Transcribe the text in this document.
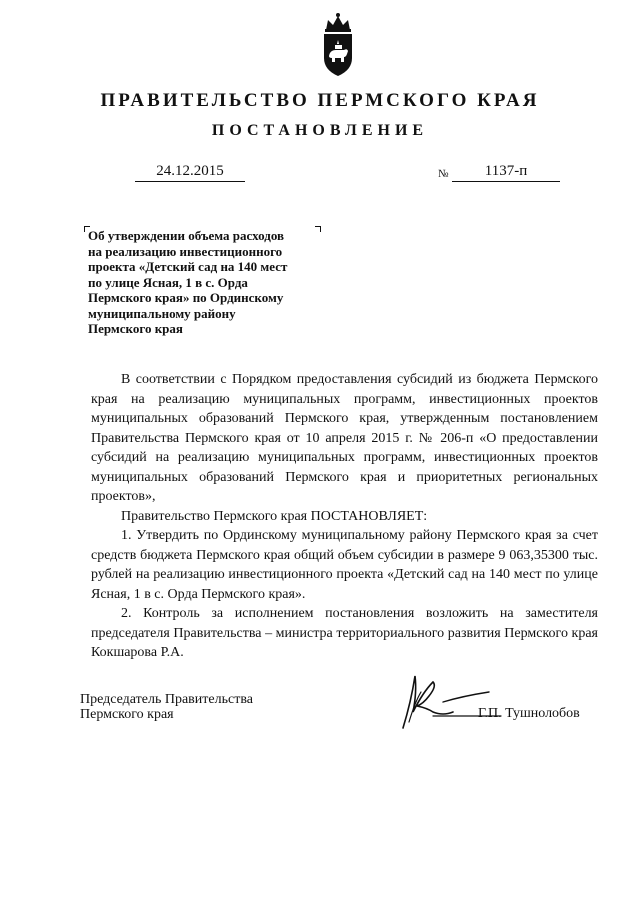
ПРАВИТЕЛЬСТВО ПЕРМСКОГО КРАЯ
ПОСТАНОВЛЕНИЕ
24.12.2015	№	1137-п
Об утверждении объема расходов
на реализацию инвестиционного
проекта «Детский сад на 140 мест
по улице Ясная, 1 в с. Орда
Пермского края» по Ординскому
муниципальному району
Пермского края

В соответствии с Порядком предоставления субсидий из бюджета Пермского края на реализацию муниципальных программ, инвестиционных проектов муниципальных образований Пермского края, утвержденным постановлением Правительства Пермского края от 10 апреля 2015 г. № 206-п «О предоставлении субсидий на реализацию муниципальных программ, инвестиционных проектов муниципальных образований Пермского края и приоритетных региональных проектов»,

Правительство Пермского края ПОСТАНОВЛЯЕТ:

1. Утвердить по Ординскому муниципальному району Пермского края за счет средств бюджета Пермского края общий объем субсидии в размере 9 063,35300 тыс. рублей на реализацию инвестиционного проекта «Детский сад на 140 мест по улице Ясная, 1 в с. Орда Пермского края».

2. Контроль за исполнением постановления возложить на заместителя председателя Правительства – министра территориального развития Пермского края Кокшарова Р.А.

Председатель Правительства
Пермского края	Г.П. Тушнолобов
